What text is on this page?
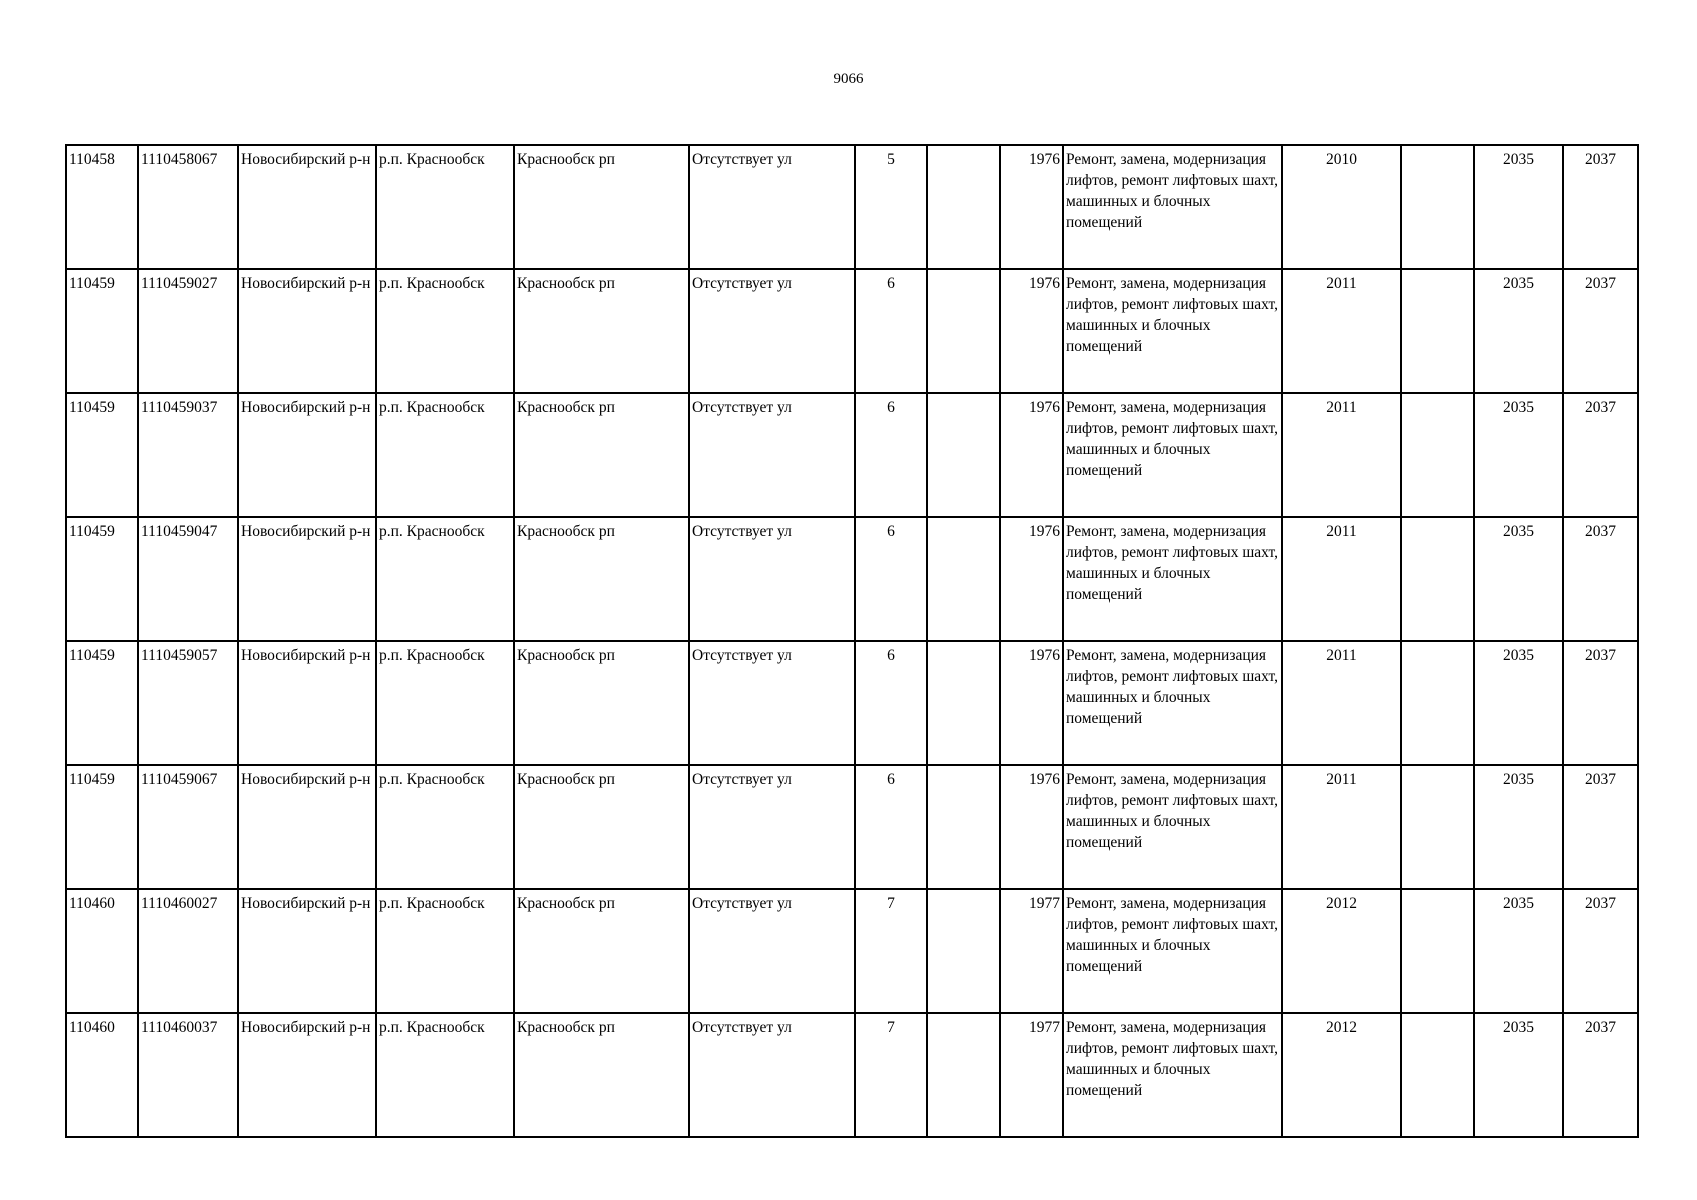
9066
110458	1110458067	Новосибирский р-н	р.п. Краснообск	Краснообск рп	Отсутствует ул	5		1976	Ремонт, замена, модернизация лифтов, ремонт лифтовых шахт, машинных и блочных помещений	2010		2035	2037
110459	1110459027	Новосибирский р-н	р.п. Краснообск	Краснообск рп	Отсутствует ул	6		1976	Ремонт, замена, модернизация лифтов, ремонт лифтовых шахт, машинных и блочных помещений	2011		2035	2037
110459	1110459037	Новосибирский р-н	р.п. Краснообск	Краснообск рп	Отсутствует ул	6		1976	Ремонт, замена, модернизация лифтов, ремонт лифтовых шахт, машинных и блочных помещений	2011		2035	2037
110459	1110459047	Новосибирский р-н	р.п. Краснообск	Краснообск рп	Отсутствует ул	6		1976	Ремонт, замена, модернизация лифтов, ремонт лифтовых шахт, машинных и блочных помещений	2011		2035	2037
110459	1110459057	Новосибирский р-н	р.п. Краснообск	Краснообск рп	Отсутствует ул	6		1976	Ремонт, замена, модернизация лифтов, ремонт лифтовых шахт, машинных и блочных помещений	2011		2035	2037
110459	1110459067	Новосибирский р-н	р.п. Краснообск	Краснообск рп	Отсутствует ул	6		1976	Ремонт, замена, модернизация лифтов, ремонт лифтовых шахт, машинных и блочных помещений	2011		2035	2037
110460	1110460027	Новосибирский р-н	р.п. Краснообск	Краснообск рп	Отсутствует ул	7		1977	Ремонт, замена, модернизация лифтов, ремонт лифтовых шахт, машинных и блочных помещений	2012		2035	2037
110460	1110460037	Новосибирский р-н	р.п. Краснообск	Краснообск рп	Отсутствует ул	7		1977	Ремонт, замена, модернизация лифтов, ремонт лифтовых шахт, машинных и блочных помещений	2012		2035	2037
